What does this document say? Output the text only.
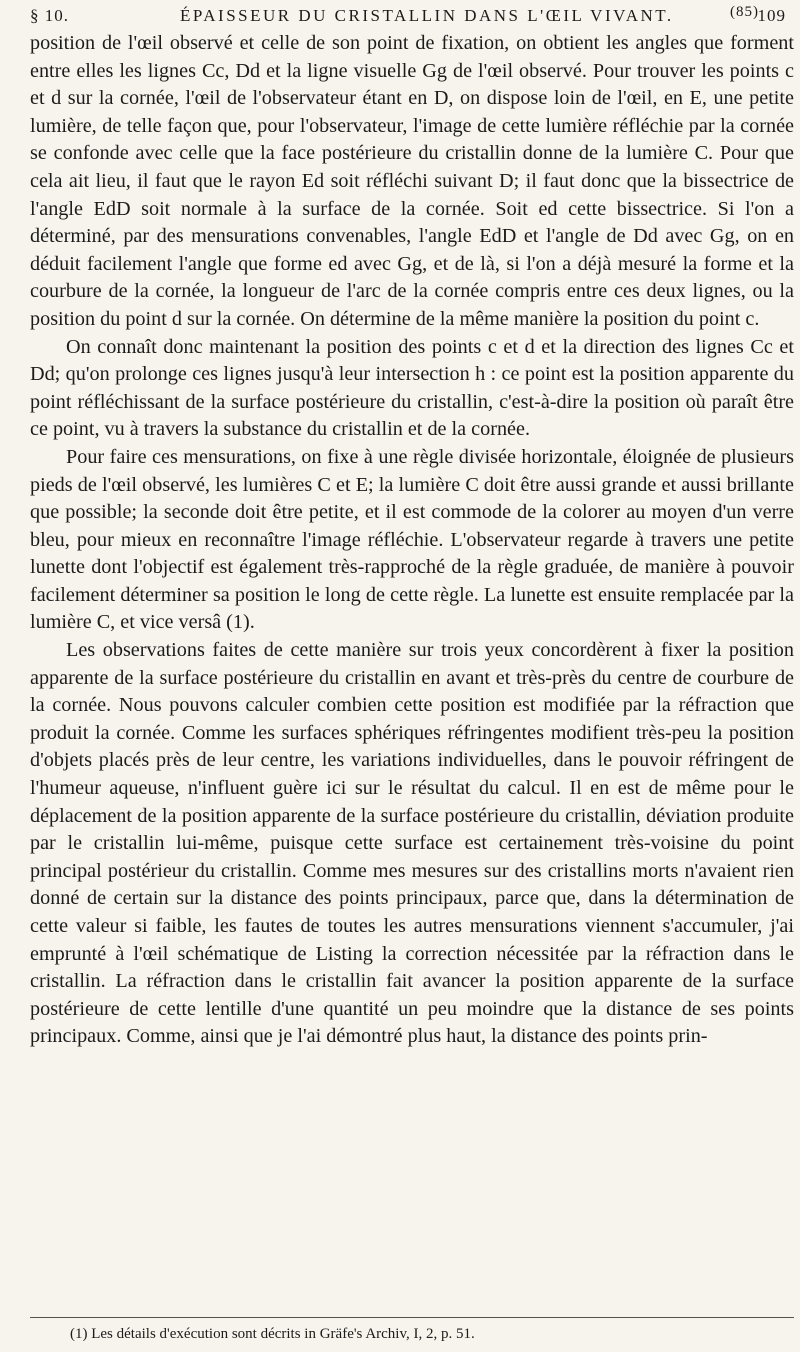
§ 10.	ÉPAISSEUR DU CRISTALLIN DANS L'ŒIL VIVANT.	(85)
109

position de l'œil observé et celle de son point de fixation, on obtient les angles que forment entre elles les lignes Cc, Dd et la ligne visuelle Gg de l'œil observé. Pour trouver les points c et d sur la cornée, l'œil de l'observateur étant en D, on dispose loin de l'œil, en E, une petite lumière, de telle façon que, pour l'observateur, l'image de cette lumière réfléchie par la cornée se confonde avec celle que la face postérieure du cristallin donne de la lumière C. Pour que cela ait lieu, il faut que le rayon Ed soit réfléchi suivant D; il faut donc que la bissectrice de l'angle EdD soit normale à la surface de la cornée. Soit ed cette bissectrice. Si l'on a déterminé, par des mensurations convenables, l'angle EdD et l'angle de Dd avec Gg, on en déduit facilement l'angle que forme ed avec Gg, et de là, si l'on a déjà mesuré la forme et la courbure de la cornée, la longueur de l'arc de la cornée compris entre ces deux lignes, ou la position du point d sur la cornée. On détermine de la même manière la position du point c.

On connaît donc maintenant la position des points c et d et la direction des lignes Cc et Dd; qu'on prolonge ces lignes jusqu'à leur intersection h : ce point est la position apparente du point réfléchissant de la surface postérieure du cristallin, c'est-à-dire la position où paraît être ce point, vu à travers la substance du cristallin et de la cornée.

Pour faire ces mensurations, on fixe à une règle divisée horizontale, éloignée de plusieurs pieds de l'œil observé, les lumières C et E; la lumière C doit être aussi grande et aussi brillante que possible; la seconde doit être petite, et il est commode de la colorer au moyen d'un verre bleu, pour mieux en reconnaître l'image réfléchie. L'observateur regarde à travers une petite lunette dont l'objectif est également très-rapproché de la règle graduée, de manière à pouvoir facilement déterminer sa position le long de cette règle. La lunette est ensuite remplacée par la lumière C, et vice versâ (1).

Les observations faites de cette manière sur trois yeux concordèrent à fixer la position apparente de la surface postérieure du cristallin en avant et très-près du centre de courbure de la cornée. Nous pouvons calculer combien cette position est modifiée par la réfraction que produit la cornée. Comme les surfaces sphériques réfringentes modifient très-peu la position d'objets placés près de leur centre, les variations individuelles, dans le pouvoir réfringent de l'humeur aqueuse, n'influent guère ici sur le résultat du calcul. Il en est de même pour le déplacement de la position apparente de la surface postérieure du cristallin, déviation produite par le cristallin lui-même, puisque cette surface est certainement très-voisine du point principal postérieur du cristallin. Comme mes mesures sur des cristallins morts n'avaient rien donné de certain sur la distance des points principaux, parce que, dans la détermination de cette valeur si faible, les fautes de toutes les autres mensurations viennent s'accumuler, j'ai emprunté à l'œil schématique de Listing la correction nécessitée par la réfraction dans le cristallin. La réfraction dans le cristallin fait avancer la position apparente de la surface postérieure de cette lentille d'une quantité un peu moindre que la distance de ses points principaux. Comme, ainsi que je l'ai démontré plus haut, la distance des points prin-

(1) Les détails d'exécution sont décrits in Gräfe's Archiv, I, 2, p. 51.
